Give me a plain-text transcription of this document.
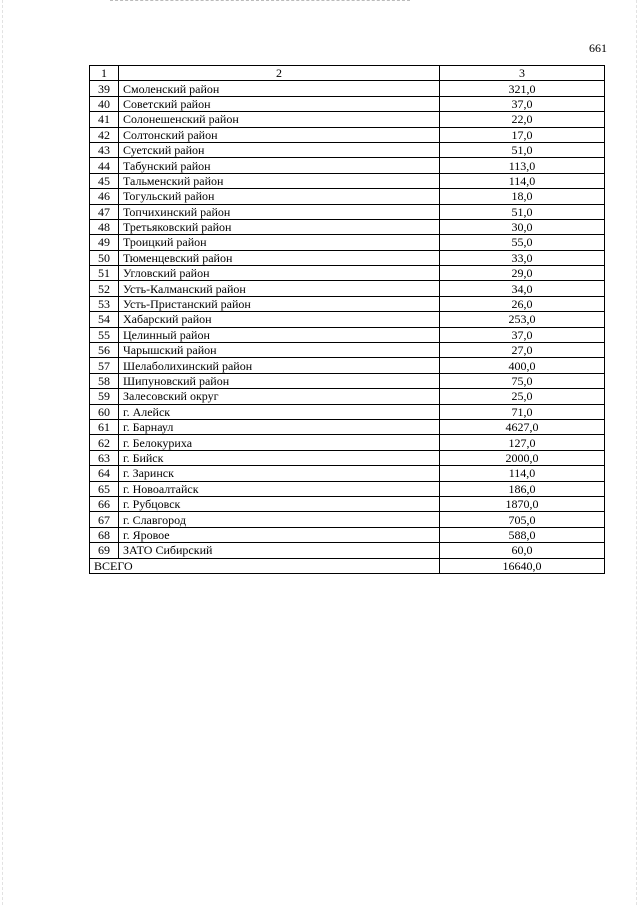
661
1	2	3
39	Смоленский район	321,0
40	Советский район	37,0
41	Солонешенский район	22,0
42	Солтонский район	17,0
43	Суетский район	51,0
44	Табунский район	113,0
45	Тальменский район	114,0
46	Тогульский район	18,0
47	Топчихинский район	51,0
48	Третьяковский район	30,0
49	Троицкий район	55,0
50	Тюменцевский район	33,0
51	Угловский район	29,0
52	Усть-Калманский район	34,0
53	Усть-Пристанский район	26,0
54	Хабарский район	253,0
55	Целинный район	37,0
56	Чарышский район	27,0
57	Шелаболихинский район	400,0
58	Шипуновский район	75,0
59	Залесовский округ	25,0
60	г. Алейск	71,0
61	г. Барнаул	4627,0
62	г. Белокуриха	127,0
63	г. Бийск	2000,0
64	г. Заринск	114,0
65	г. Новоалтайск	186,0
66	г. Рубцовск	1870,0
67	г. Славгород	705,0
68	г. Яровое	588,0
69	ЗАТО Сибирский	60,0
ВСЕГО		16640,0
